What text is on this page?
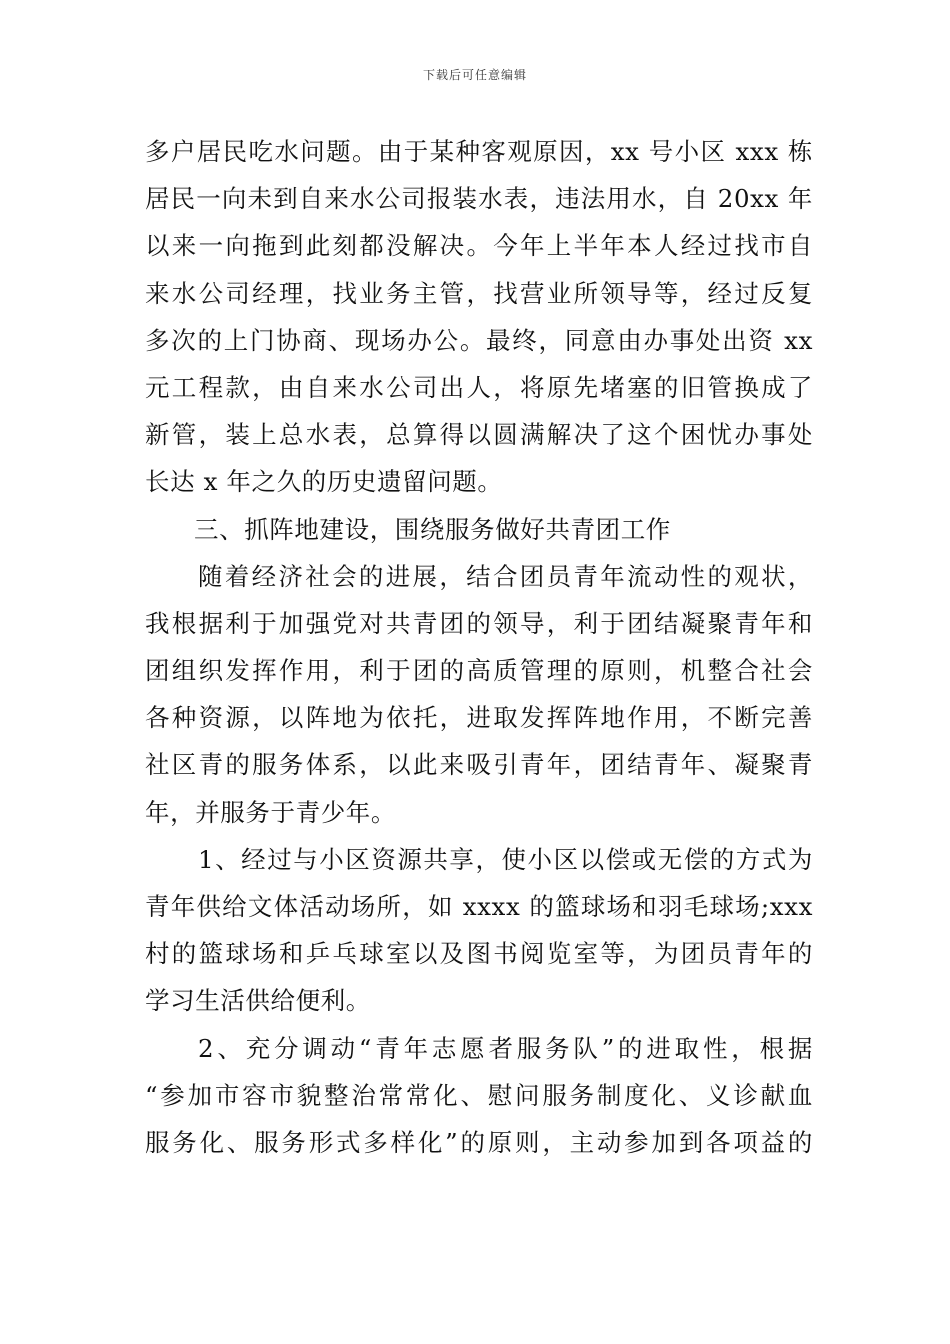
下载后可任意编辑
多户居民吃水问题。由于某种客观原因，xx 号小区 xxx 栋
居民一向未到自来水公司报装水表，违法用水，自 20xx 年
以来一向拖到此刻都没解决。今年上半年本人经过找市自
来水公司经理，找业务主管，找营业所领导等，经过反复
多次的上门协商、现场办公。最终，同意由办事处出资 xx
元工程款，由自来水公司出人，将原先堵塞的旧管换成了
新管，装上总水表，总算得以圆满解决了这个困忧办事处
长达 x 年之久的历史遗留问题。
三、抓阵地建设，围绕服务做好共青团工作
随着经济社会的进展，结合团员青年流动性的观状，
我根据利于加强党对共青团的领导，利于团结凝聚青年和
团组织发挥作用，利于团的高质管理的原则，机整合社会
各种资源，以阵地为依托，进取发挥阵地作用，不断完善
社区青的服务体系，以此来吸引青年，团结青年、凝聚青
年，并服务于青少年。
1、经过与小区资源共享，使小区以偿或无偿的方式为
青年供给文体活动场所，如 xxxx 的篮球场和羽毛球场;xxx
村的篮球场和乒乓球室以及图书阅览室等，为团员青年的
学习生活供给便利。
2、充分调动“青年志愿者服务队”的进取性，根据
“参加市容市貌整治常常化、慰问服务制度化、义诊献血
服务化、服务形式多样化”的原则，主动参加到各项益的
